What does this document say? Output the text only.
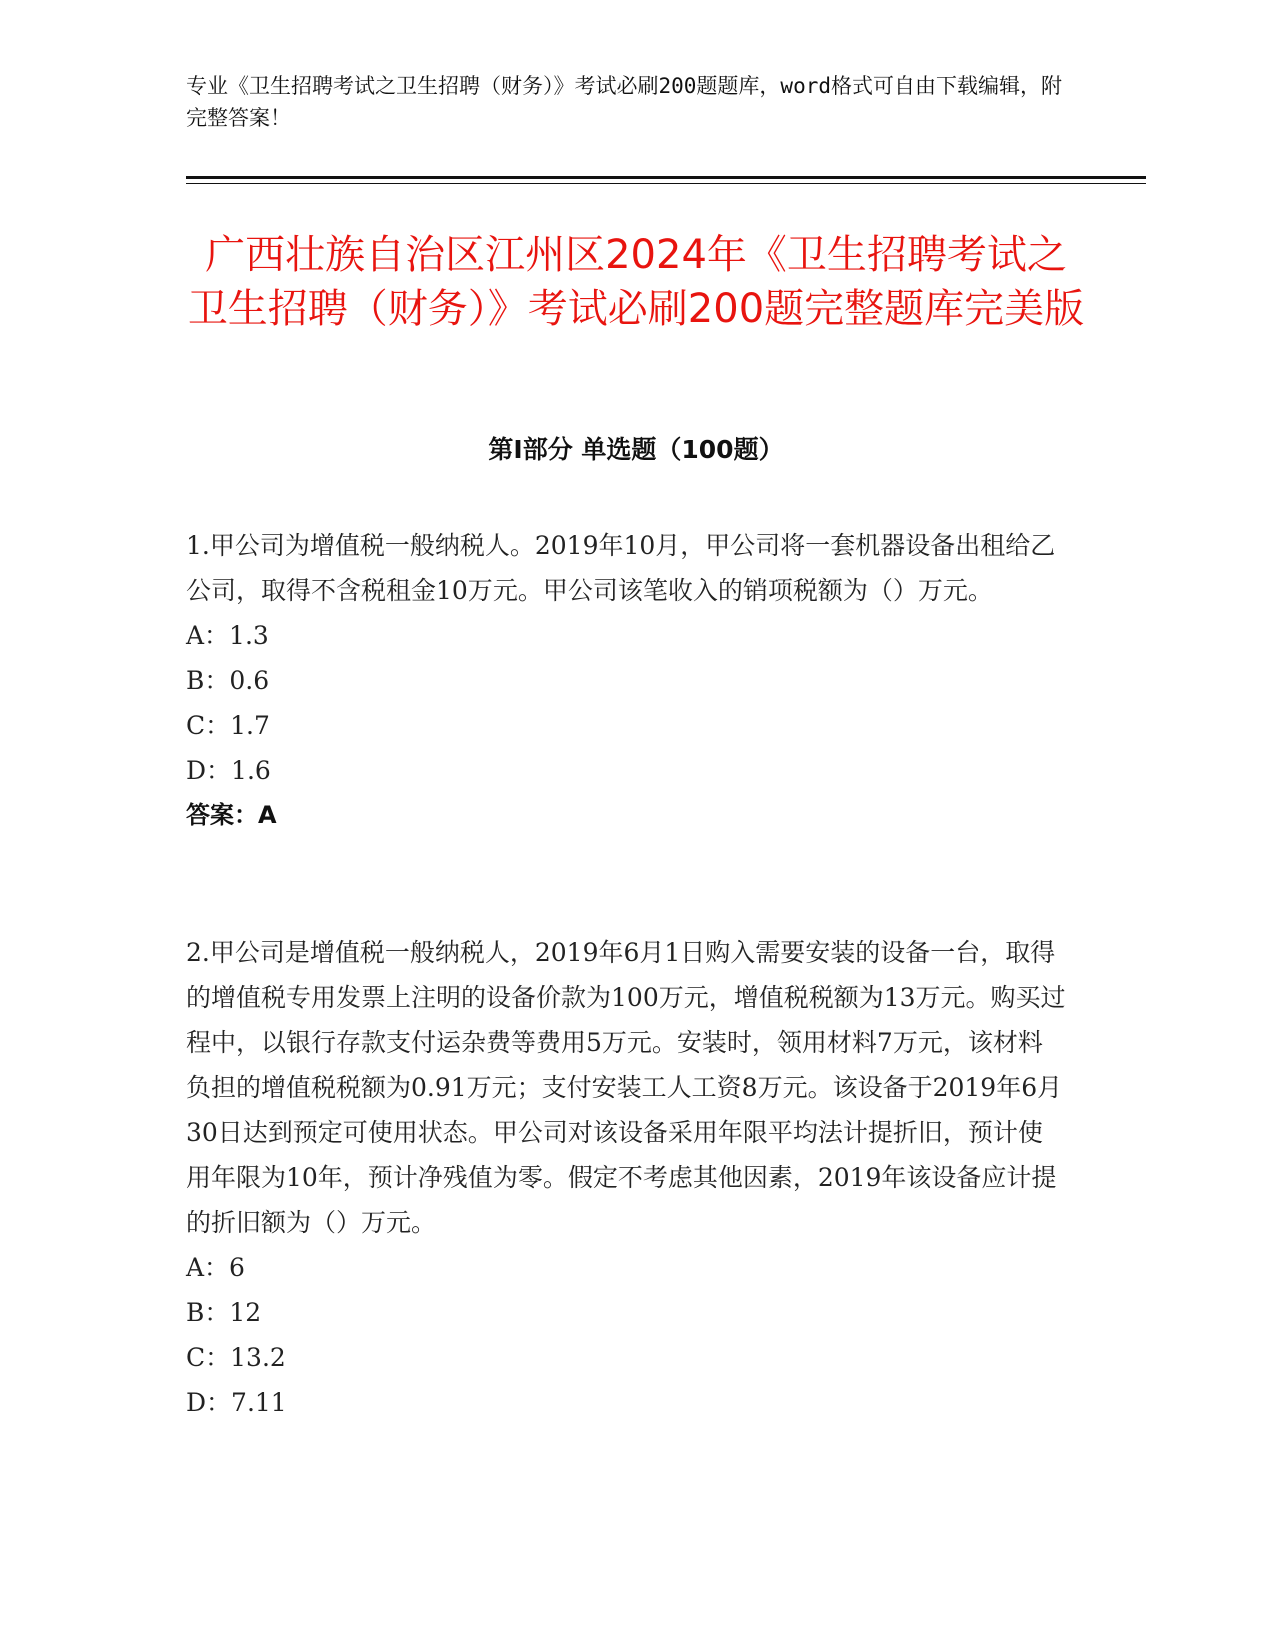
专业《卫生招聘考试之卫生招聘（财务）》考试必刷200题题库，word格式可自由下载编辑，附完整答案！
广西壮族自治区江州区2024年《卫生招聘考试之卫生招聘（财务）》考试必刷200题完整题库完美版
第I部分 单选题（100题）

1.甲公司为增值税一般纳税人。2019年10月，甲公司将一套机器设备出租给乙公司，取得不含税租金10万元。甲公司该笔收入的销项税额为（）万元。

A：1.3

B：0.6

C：1.7

D：1.6

答案：A

2.甲公司是增值税一般纳税人，2019年6月1日购入需要安装的设备一台，取得的增值税专用发票上注明的设备价款为100万元，增值税税额为13万元。购买过程中，以银行存款支付运杂费等费用5万元。安装时，领用材料7万元，该材料负担的增值税税额为0.91万元；支付安装工人工资8万元。该设备于2019年6月30日达到预定可使用状态。甲公司对该设备采用年限平均法计提折旧，预计使用年限为10年，预计净残值为零。假定不考虑其他因素，2019年该设备应计提的折旧额为（）万元。

A：6

B：12

C：13.2

D：7.11
